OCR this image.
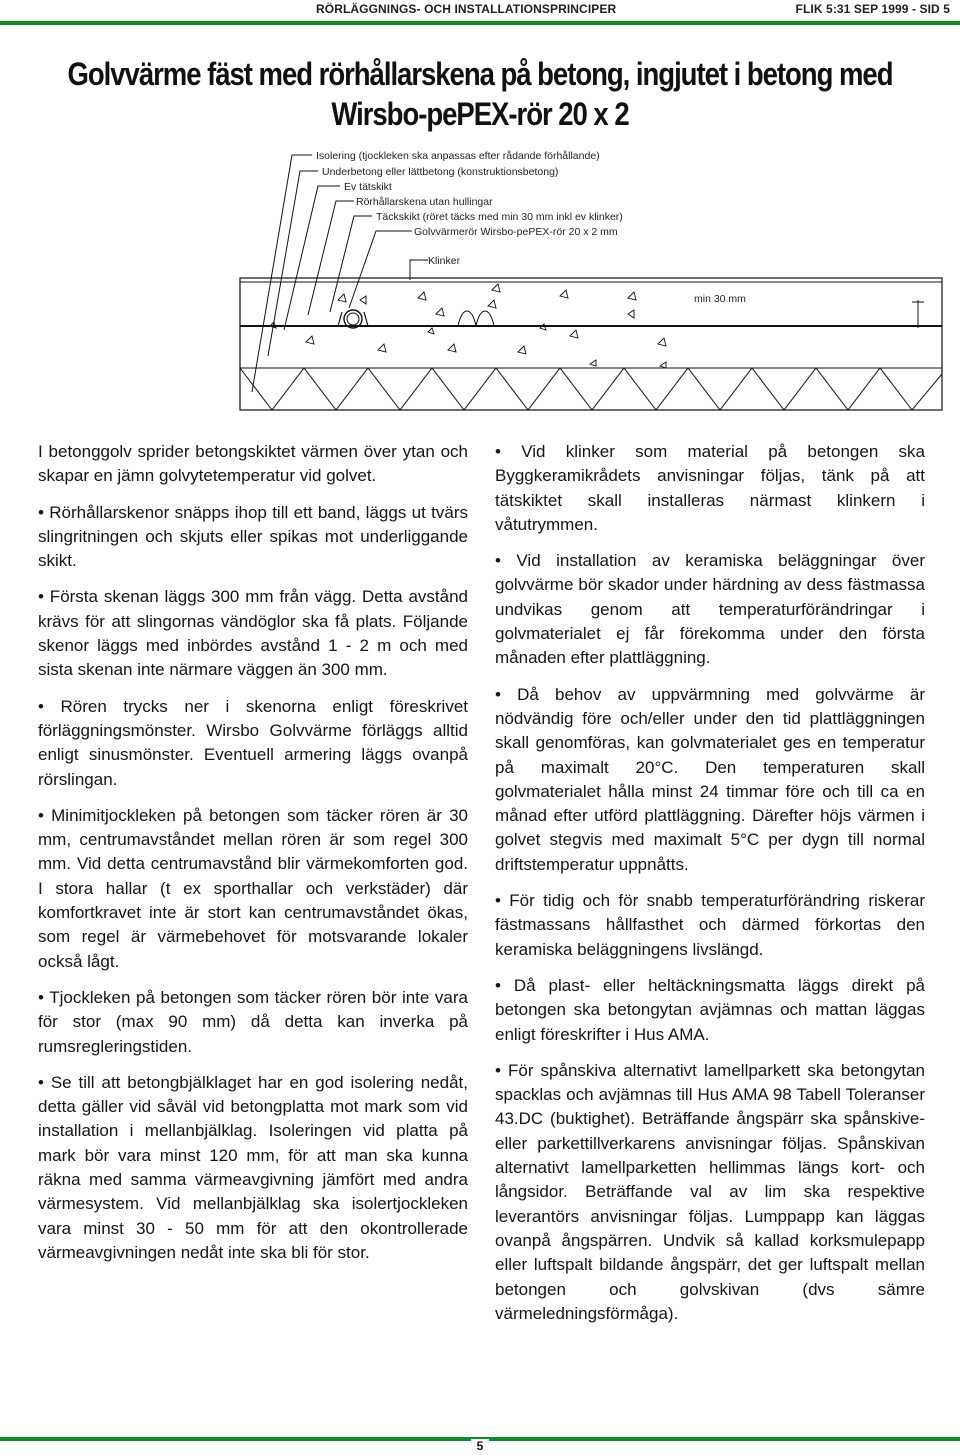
RÖRLÄGGNINGS- OCH INSTALLATIONSPRINCIPER	FLIK 5:31 SEP 1999 - SID 5
Golvvärme fäst med rörhållarskena på betong, ingjutet i betong med
Wirsbo-pePEX-rör 20 x 2
min 30 mm
Isolering (tjockleken ska anpassas efter rådande förhållande)
Underbetong eller lättbetong (konstruktionsbetong)
Ev tätskikt
Rörhållarskena utan hullingar
Täckskikt (röret täcks med min 30 mm inkl ev klinker)
Golvvärmerör Wirsbo-pePEX-rör 20 x 2 mm
Klinker

I betonggolv sprider betongskiktet värmen över ytan och skapar en jämn golvytetemperatur vid golvet.

• Rörhållarskenor snäpps ihop till ett band, läggs ut tvärs slingritningen och skjuts eller spikas mot underliggande skikt.

• Första skenan läggs 300 mm från vägg. Detta avstånd krävs för att slingornas vändöglor ska få plats. Följande skenor läggs med inbördes avstånd 1 - 2 m och med sista skenan inte närmare väggen än 300 mm.

• Rören trycks ner i skenorna enligt föreskrivet förläggningsmönster. Wirsbo Golvvärme förläggs alltid enligt sinusmönster. Eventuell armering läggs ovanpå rörslingan.

• Minimitjockleken på betongen som täcker rören är 30 mm, centrumavståndet mellan rören är som regel 300 mm. Vid detta centrumavstånd blir värmekomforten god. I stora hallar (t ex sporthallar och verkstäder) där komfortkravet inte är stort kan centrumavståndet ökas, som regel är värmebehovet för motsvarande lokaler också lågt.

• Tjockleken på betongen som täcker rören bör inte vara för stor (max 90 mm) då detta kan inverka på rumsregleringstiden.

• Se till att betongbjälklaget har en god isolering nedåt, detta gäller vid såväl vid betongplatta mot mark som vid installation i mellanbjälklag. Isoleringen vid platta på mark bör vara minst 120 mm, för att man ska kunna räkna med samma värmeavgivning jämfört med andra värmesystem. Vid mellanbjälklag ska isolertjockleken vara minst 30 - 50 mm för att den okontrollerade värmeavgivningen nedåt inte ska bli för stor.

• Vid klinker som material på betongen ska Byggkeramikrådets anvisningar följas, tänk på att tätskiktet skall installeras närmast klinkern i våtutrymmen.

• Vid installation av keramiska beläggningar över golvvärme bör skador under härdning av dess fästmassa undvikas genom att temperaturförändringar i golvmaterialet ej får förekomma under den första månaden efter plattläggning.

• Då behov av uppvärmning med golvvärme är nödvändig före och/eller under den tid plattläggningen skall genomföras, kan golvmaterialet ges en temperatur på maximalt 20°C. Den temperaturen skall golvmaterialet hålla minst 24 timmar före och till ca en månad efter utförd plattläggning. Därefter höjs värmen i golvet stegvis med maximalt 5°C per dygn till normal driftstemperatur uppnåtts.

• För tidig och för snabb temperaturförändring riskerar fästmassans hållfasthet och därmed förkortas den keramiska beläggningens livslängd.

• Då plast- eller heltäckningsmatta läggs direkt på betongen ska betongytan avjämnas och mattan läggas enligt föreskrifter i Hus AMA.

• För spånskiva alternativt lamellparkett ska betongytan spacklas och avjämnas till Hus AMA 98 Tabell Toleranser 43.DC (buktighet). Beträffande ångspärr ska spånskive- eller parkettillverkarens anvisningar följas. Spånskivan alternativt lamellparketten hellimmas längs kort- och långsidor. Beträffande val av lim ska respektive leverantörs anvisningar följas. Lumppapp kan läggas ovanpå ångspärren. Undvik så kallad korksmulepapp eller luftspalt bildande ångspärr, det ger luftspalt mellan betongen och golvskivan (dvs sämre värmeledningsförmåga).

5
